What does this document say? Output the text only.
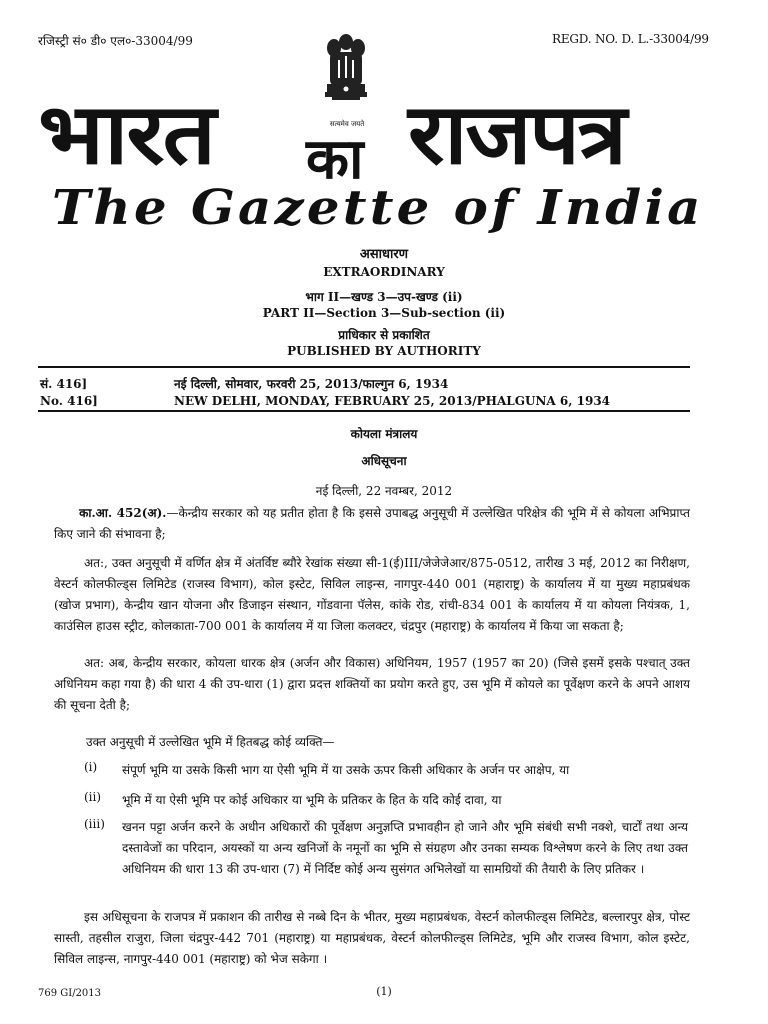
रजिस्ट्री सं० डी० एल०-33004/99	REGD. NO. D. L.-33004/99
सत्यमेव जयते
भारत का राजपत्र
The Gazette of India
असाधारण
EXTRAORDINARY
भाग II—खण्ड 3—उप-खण्ड (ii)
PART II—Section 3—Sub-section (ii)
प्राधिकार से प्रकाशित
PUBLISHED BY AUTHORITY
सं. 416]	नई दिल्ली, सोमवार, फरवरी 25, 2013/फाल्गुन 6, 1934
No. 416]	NEW DELHI, MONDAY, FEBRUARY 25, 2013/PHALGUNA 6, 1934
कोयला मंत्रालय
अधिसूचना
नई दिल्ली, 22 नवम्बर, 2012
का.आ. 452(अ).—केन्द्रीय सरकार को यह प्रतीत होता है कि इससे उपाबद्ध अनुसूची में उल्लेखित परिक्षेत्र की भूमि में से कोयला अभिप्राप्त किए जाने की संभावना है;
अत:, उक्त अनुसूची में वर्णित क्षेत्र में अंतर्विष्ट ब्यौरे रेखांक संख्या सी-1(ई)III/जेजेजेआर/875-0512, तारीख 3 मई, 2012 का निरीक्षण, वेस्टर्न कोलफील्ड्स लिमिटेड (राजस्व विभाग), कोल इस्टेट, सिविल लाइन्स, नागपुर-440 001 (महाराष्ट्र) के कार्यालय में या मुख्य महाप्रबंधक (खोज प्रभाग), केन्द्रीय खान योजना और डिजाइन संस्थान, गोंडवाना पॅलेस, कांके रोड, रांची-834 001 के कार्यालय में या कोयला नियंत्रक, 1, काउंसिल हाउस स्ट्रीट, कोलकाता-700 001 के कार्यालय में या जिला कलक्टर, चंद्रपुर (महाराष्ट्र) के कार्यालय में किया जा सकता है;
अत: अब, केन्द्रीय सरकार, कोयला धारक क्षेत्र (अर्जन और विकास) अधिनियम, 1957 (1957 का 20) (जिसे इसमें इसके पश्चात् उक्त अधिनियम कहा गया है) की धारा 4 की उप-धारा (1) द्वारा प्रदत्त शक्तियों का प्रयोग करते हुए, उस भूमि में कोयले का पूर्वेक्षण करने के अपने आशय की सूचना देती है;
उक्त अनुसूची में उल्लेखित भूमि में हितबद्ध कोई व्यक्ति—
(i) संपूर्ण भूमि या उसके किसी भाग या ऐसी भूमि में या उसके ऊपर किसी अधिकार के अर्जन पर आक्षेप, या
(ii) भूमि में या ऐसी भूमि पर कोई अधिकार या भूमि के प्रतिकर के हित के यदि कोई दावा, या
(iii) खनन पट्टा अर्जन करने के अधीन अधिकारों की पूर्वेक्षण अनुज्ञप्ति प्रभावहीन हो जाने और भूमि संबंधी सभी नक्शे, चार्टों तथा अन्य दस्तावेजों का परिदान, अयस्कों या अन्य खनिजों के नमूनों का भूमि से संग्रहण और उनका सम्यक विश्लेषण करने के लिए तथा उक्त अधिनियम की धारा 13 की उप-धारा (7) में निर्दिष्ट कोई अन्य सुसंगत अभिलेखों या सामग्रियों की तैयारी के लिए प्रतिकर ।
इस अधिसूचना के राजपत्र में प्रकाशन की तारीख से नब्बे दिन के भीतर, मुख्य महाप्रबंधक, वेस्टर्न कोलफील्ड्स लिमिटेड, बल्लारपुर क्षेत्र, पोस्ट सास्ती, तहसील राजुरा, जिला चंद्रपुर-442 701 (महाराष्ट्र) या महाप्रबंधक, वेस्टर्न कोलफील्ड्स लिमिटेड, भूमि और राजस्व विभाग, कोल इस्टेट, सिविल लाइन्स, नागपुर-440 001 (महाराष्ट्र) को भेज सकेगा ।
769 GI/2013	(1)
